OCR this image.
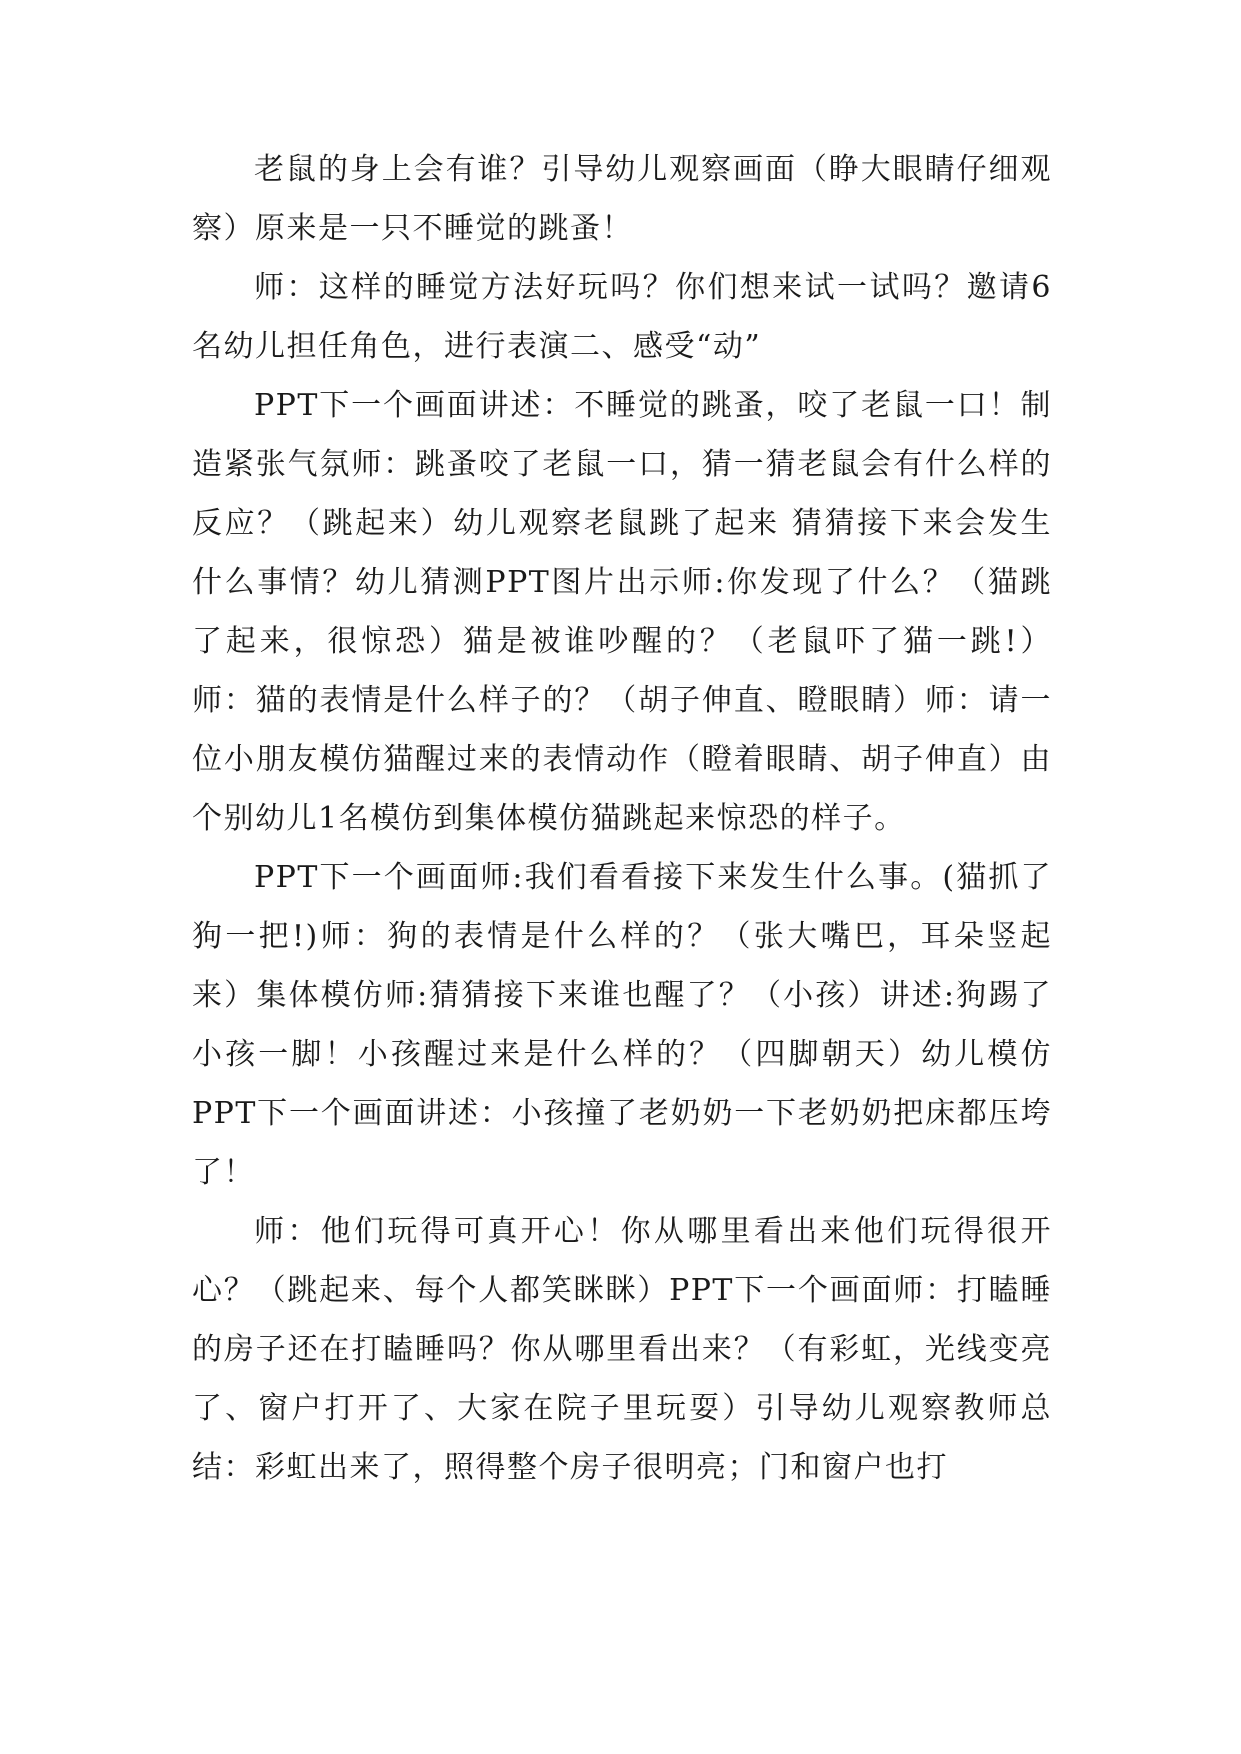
老鼠的身上会有谁？引导幼儿观察画面（睁大眼睛仔细观察）原来是一只不睡觉的跳蚤！

师：这样的睡觉方法好玩吗？你们想来试一试吗？邀请6名幼儿担任角色，进行表演二、感受“动”

PPT下一个画面讲述：不睡觉的跳蚤，咬了老鼠一口！制造紧张气氛师：跳蚤咬了老鼠一口，猜一猜老鼠会有什么样的反应？（跳起来）幼儿观察老鼠跳了起来 猜猜接下来会发生什么事情？幼儿猜测PPT图片出示师:你发现了什么？（猫跳了起来，很惊恐）猫是被谁吵醒的？（老鼠吓了猫一跳!）师：猫的表情是什么样子的？（胡子伸直、瞪眼睛）师：请一位小朋友模仿猫醒过来的表情动作（瞪着眼睛、胡子伸直）由个别幼儿1名模仿到集体模仿猫跳起来惊恐的样子。

PPT下一个画面师:我们看看接下来发生什么事。(猫抓了狗一把!)师：狗的表情是什么样的？（张大嘴巴，耳朵竖起来）集体模仿师:猜猜接下来谁也醒了？（小孩）讲述:狗踢了小孩一脚！小孩醒过来是什么样的？（四脚朝天）幼儿模仿PPT下一个画面讲述：小孩撞了老奶奶一下老奶奶把床都压垮了！

师：他们玩得可真开心！你从哪里看出来他们玩得很开心？（跳起来、每个人都笑眯眯）PPT下一个画面师：打瞌睡的房子还在打瞌睡吗？你从哪里看出来？（有彩虹，光线变亮了、窗户打开了、大家在院子里玩耍）引导幼儿观察教师总结：彩虹出来了，照得整个房子很明亮；门和窗户也打
